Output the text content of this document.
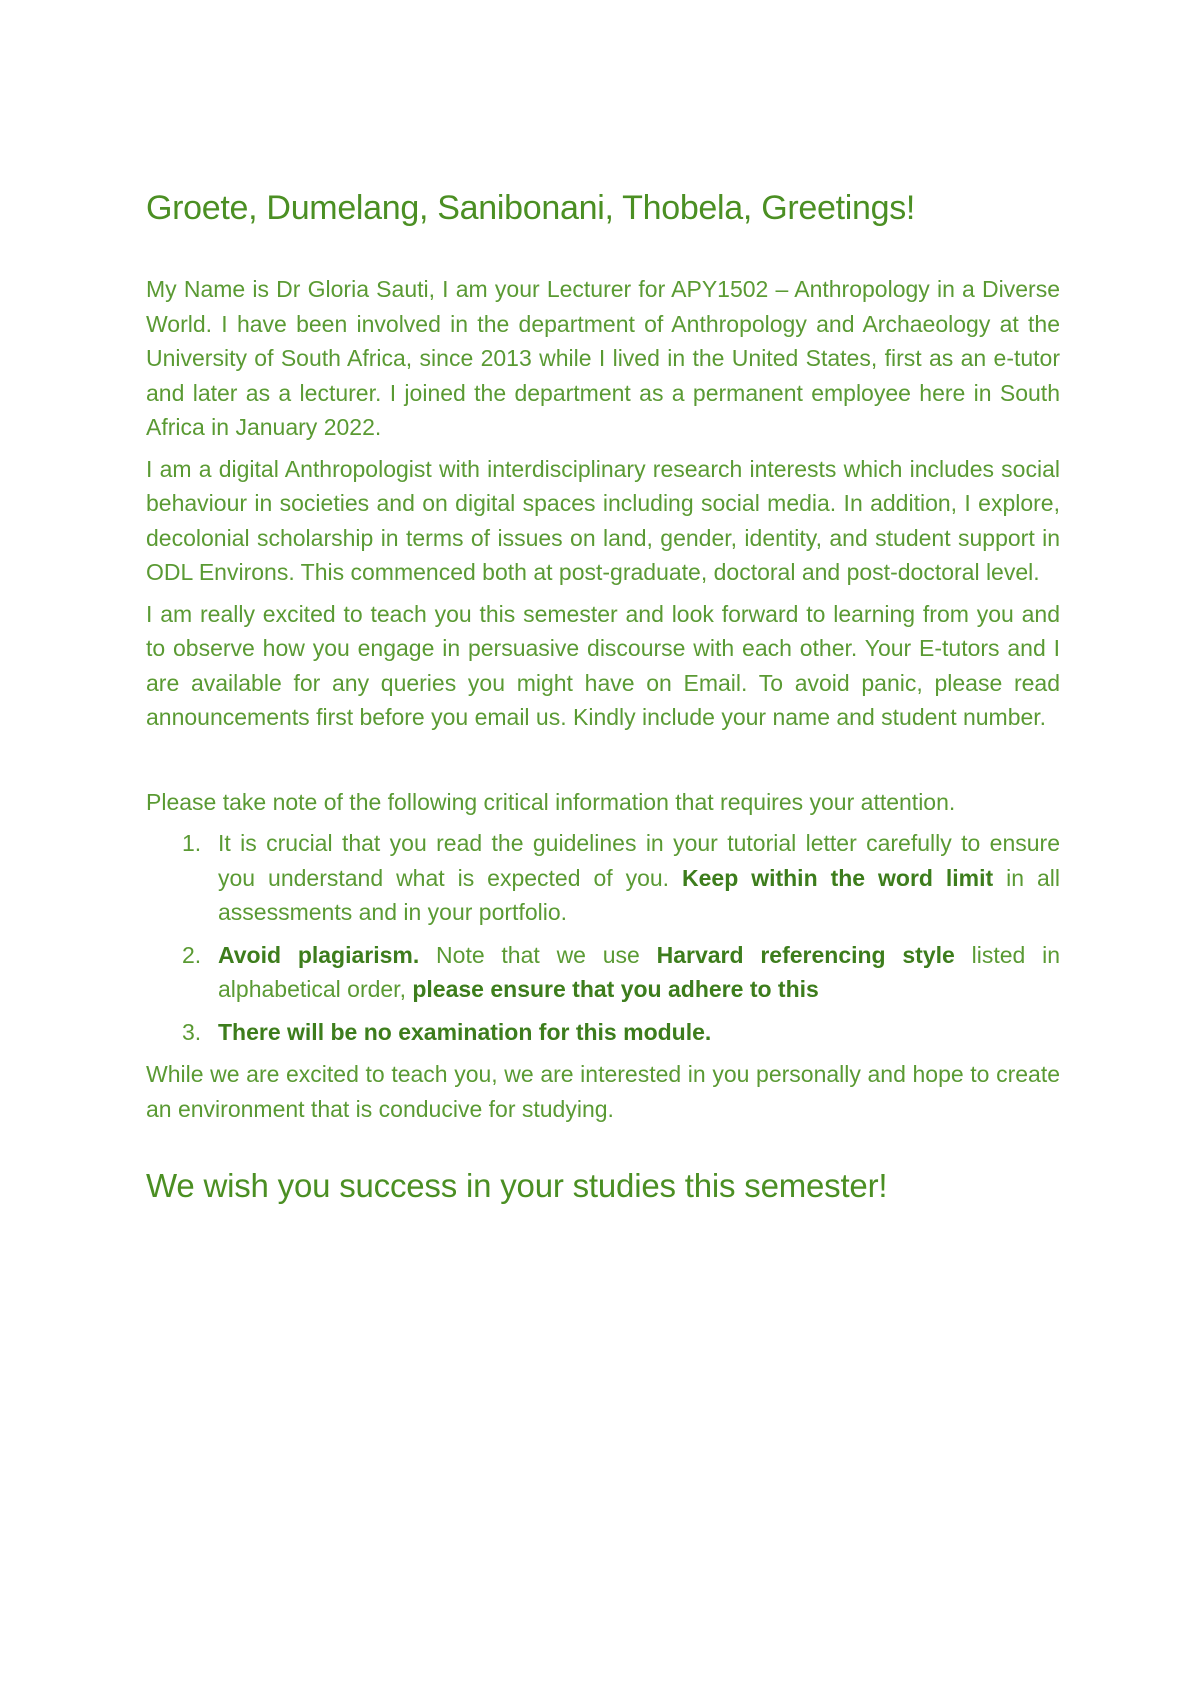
Groete, Dumelang, Sanibonani, Thobela, Greetings!

My Name is Dr Gloria Sauti, I am your Lecturer for APY1502 – Anthropology in a Diverse World. I have been involved in the department of Anthropology and Archaeology at the University of South Africa, since 2013 while I lived in the United States, first as an e-tutor and later as a lecturer. I joined the department as a permanent employee here in South Africa in January 2022.

I am a digital Anthropologist with interdisciplinary research interests which includes social behaviour in societies and on digital spaces including social media. In addition, I explore, decolonial scholarship in terms of issues on land, gender, identity, and student support in ODL Environs. This commenced both at post-graduate, doctoral and post-doctoral level.

I am really excited to teach you this semester and look forward to learning from you and to observe how you engage in persuasive discourse with each other. Your E-tutors and I are available for any queries you might have on Email. To avoid panic, please read announcements first before you email us. Kindly include your name and student number.

Please take note of the following critical information that requires your attention.

1. It is crucial that you read the guidelines in your tutorial letter carefully to ensure you understand what is expected of you. Keep within the word limit in all assessments and in your portfolio.
2. Avoid plagiarism. Note that we use Harvard referencing style listed in alphabetical order, please ensure that you adhere to this
3. There will be no examination for this module.

While we are excited to teach you, we are interested in you personally and hope to create an environment that is conducive for studying.

We wish you success in your studies this semester!
